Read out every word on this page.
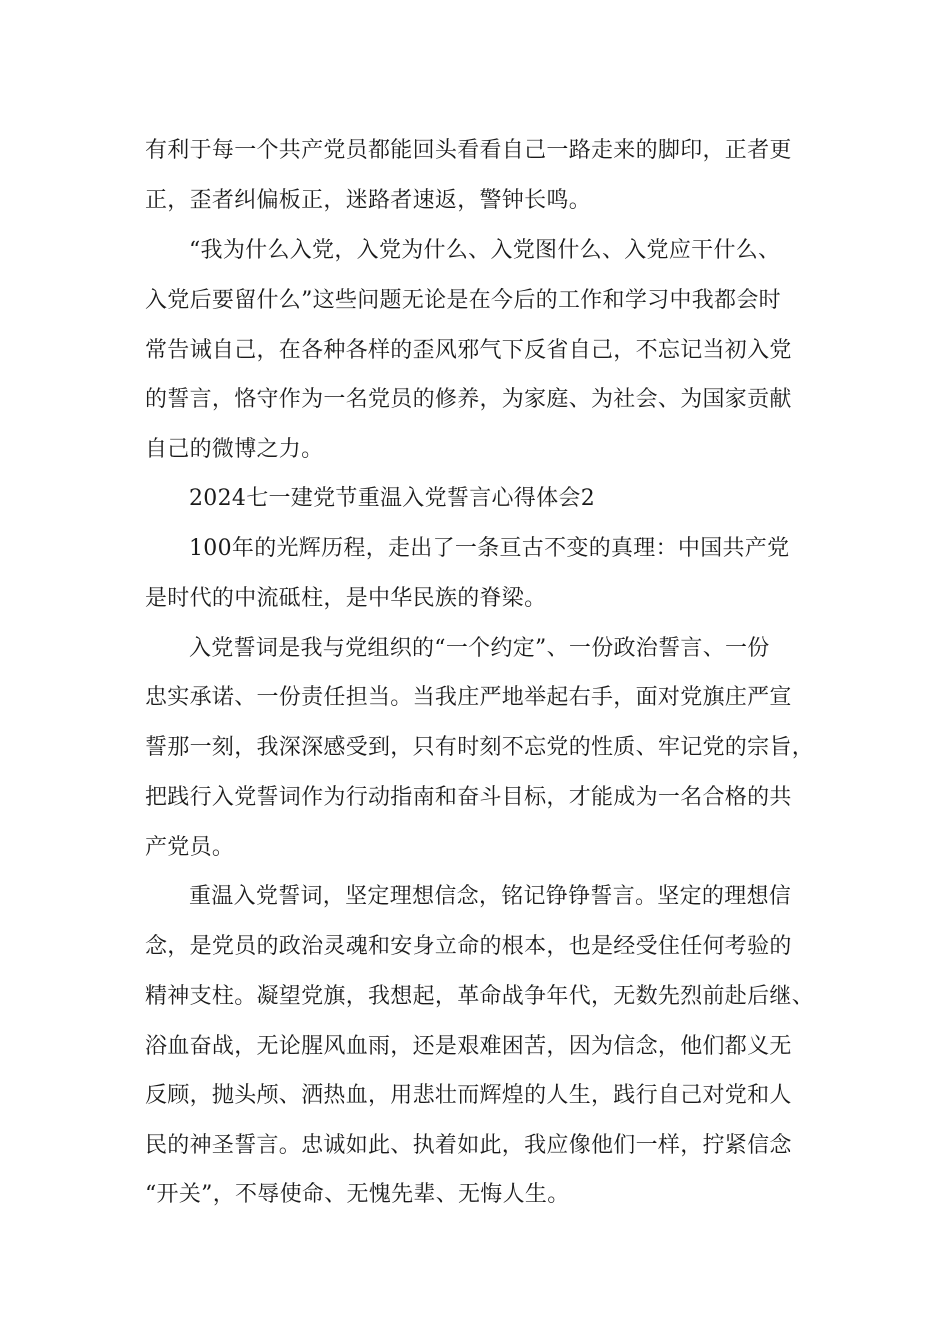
有利于每一个共产党员都能回头看看自己一路走来的脚印，正者更

正，歪者纠偏板正，迷路者速返，警钟长鸣。

“我为什么入党，入党为什么、入党图什么、入党应干什么、

入党后要留什么”这些问题无论是在今后的工作和学习中我都会时

常告诫自己，在各种各样的歪风邪气下反省自己，不忘记当初入党

的誓言，恪守作为一名党员的修养，为家庭、为社会、为国家贡献

自己的微博之力。

2024七一建党节重温入党誓言心得体会2

100年的光辉历程，走出了一条亘古不变的真理：中国共产党

是时代的中流砥柱，是中华民族的脊梁。

入党誓词是我与党组织的“一个约定”、一份政治誓言、一份

忠实承诺、一份责任担当。当我庄严地举起右手，面对党旗庄严宣

誓那一刻，我深深感受到，只有时刻不忘党的性质、牢记党的宗旨，

把践行入党誓词作为行动指南和奋斗目标，才能成为一名合格的共

产党员。

重温入党誓词，坚定理想信念，铭记铮铮誓言。坚定的理想信

念，是党员的政治灵魂和安身立命的根本，也是经受住任何考验的

精神支柱。凝望党旗，我想起，革命战争年代，无数先烈前赴后继、

浴血奋战，无论腥风血雨，还是艰难困苦，因为信念，他们都义无

反顾，抛头颅、洒热血，用悲壮而辉煌的人生，践行自己对党和人

民的神圣誓言。忠诚如此、执着如此，我应像他们一样，拧紧信念

“开关”，不辱使命、无愧先辈、无悔人生。
